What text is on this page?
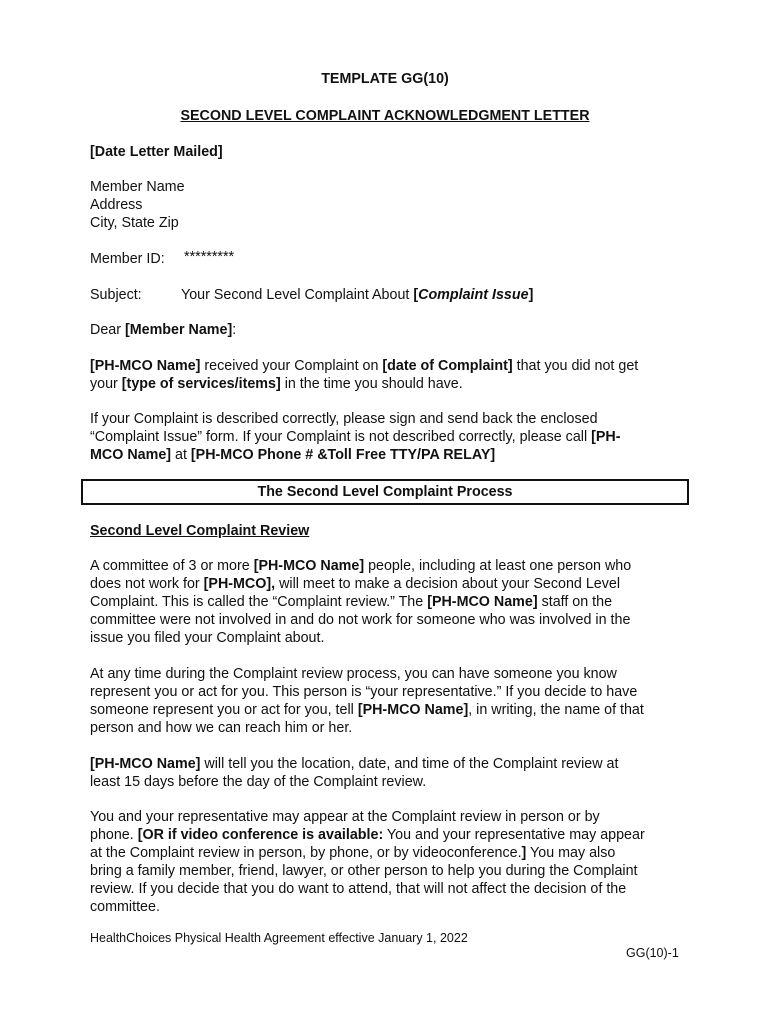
TEMPLATE GG(10)
SECOND LEVEL COMPLAINT ACKNOWLEDGMENT LETTER
[Date Letter Mailed]
Member Name
Address
City, State Zip
Member ID: *********
Subject:	Your Second Level Complaint About [Complaint Issue]
Dear [Member Name]:
[PH-MCO Name] received your Complaint on [date of Complaint] that you did not get
your [type of services/items] in the time you should have.
If your Complaint is described correctly, please sign and send back the enclosed
“Complaint Issue” form. If your Complaint is not described correctly, please call [PH-
MCO Name] at [PH-MCO Phone # &Toll Free TTY/PA RELAY]
The Second Level Complaint Process
Second Level Complaint Review
A committee of 3 or more [PH-MCO Name] people, including at least one person who
does not work for [PH-MCO], will meet to make a decision about your Second Level
Complaint. This is called the “Complaint review.” The [PH-MCO Name] staff on the
committee were not involved in and do not work for someone who was involved in the
issue you filed your Complaint about.
At any time during the Complaint review process, you can have someone you know
represent you or act for you. This person is “your representative.” If you decide to have
someone represent you or act for you, tell [PH-MCO Name], in writing, the name of that
person and how we can reach him or her.
[PH-MCO Name] will tell you the location, date, and time of the Complaint review at
least 15 days before the day of the Complaint review.
You and your representative may appear at the Complaint review in person or by
phone. [OR if video conference is available: You and your representative may appear
at the Complaint review in person, by phone, or by videoconference.] You may also
bring a family member, friend, lawyer, or other person to help you during the Complaint
review. If you decide that you do want to attend, that will not affect the decision of the
committee.
HealthChoices Physical Health Agreement effective January 1, 2022
GG(10)-1
